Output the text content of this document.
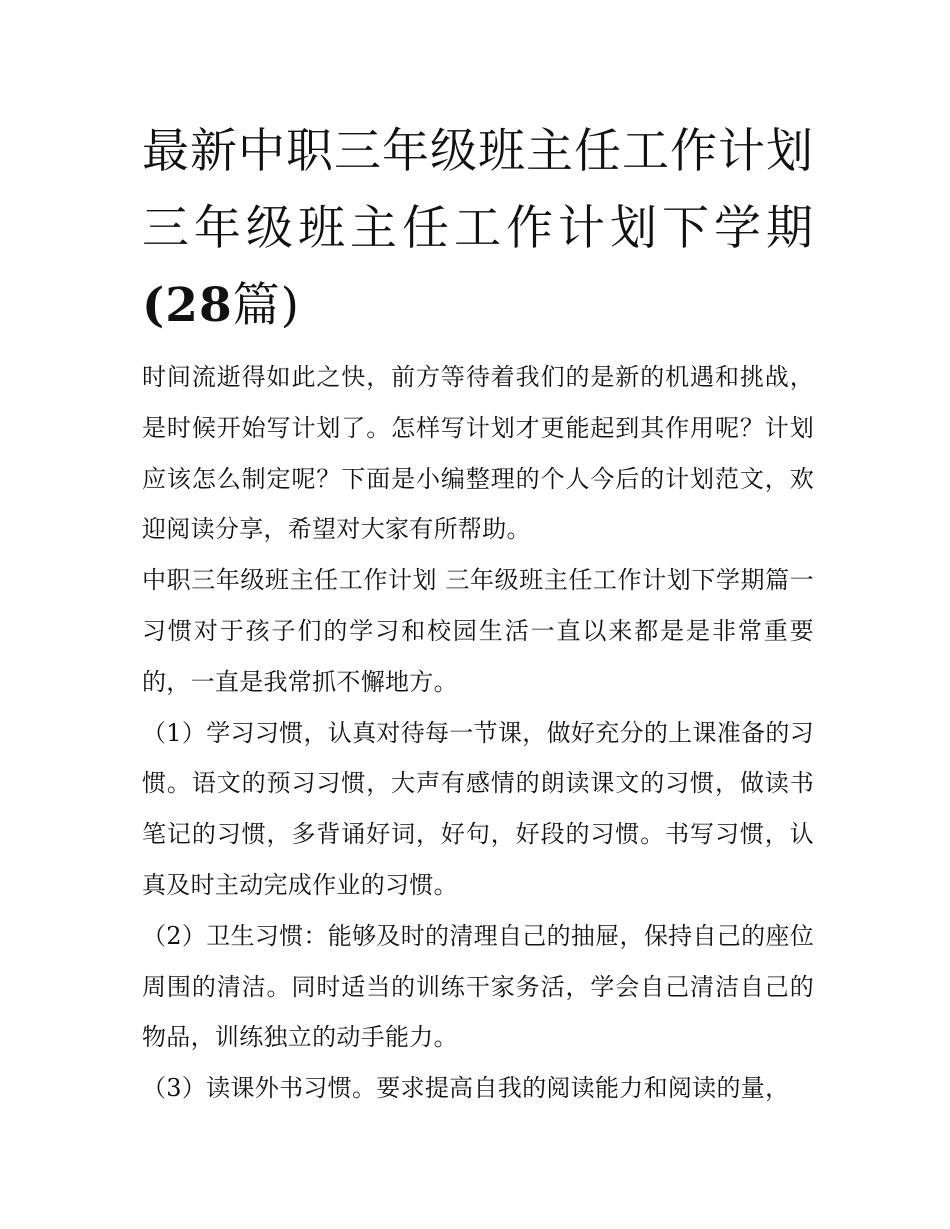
最新中职三年级班主任工作计划 三年级班主任工作计划下学期(28篇)

时间流逝得如此之快，前方等待着我们的是新的机遇和挑战，是时候开始写计划了。怎样写计划才更能起到其作用呢？计划应该怎么制定呢？下面是小编整理的个人今后的计划范文，欢迎阅读分享，希望对大家有所帮助。

中职三年级班主任工作计划 三年级班主任工作计划下学期篇一 习惯对于孩子们的学习和校园生活一直以来都是是非常重要的，一直是我常抓不懈地方。

（1）学习习惯，认真对待每一节课，做好充分的上课准备的习惯。语文的预习习惯，大声有感情的朗读课文的习惯，做读书笔记的习惯，多背诵好词，好句，好段的习惯。书写习惯，认真及时主动完成作业的习惯。

（2）卫生习惯：能够及时的清理自己的抽屉，保持自己的座位周围的清洁。同时适当的训练干家务活，学会自己清洁自己的物品，训练独立的动手能力。

（3）读课外书习惯。要求提高自我的阅读能力和阅读的量，
